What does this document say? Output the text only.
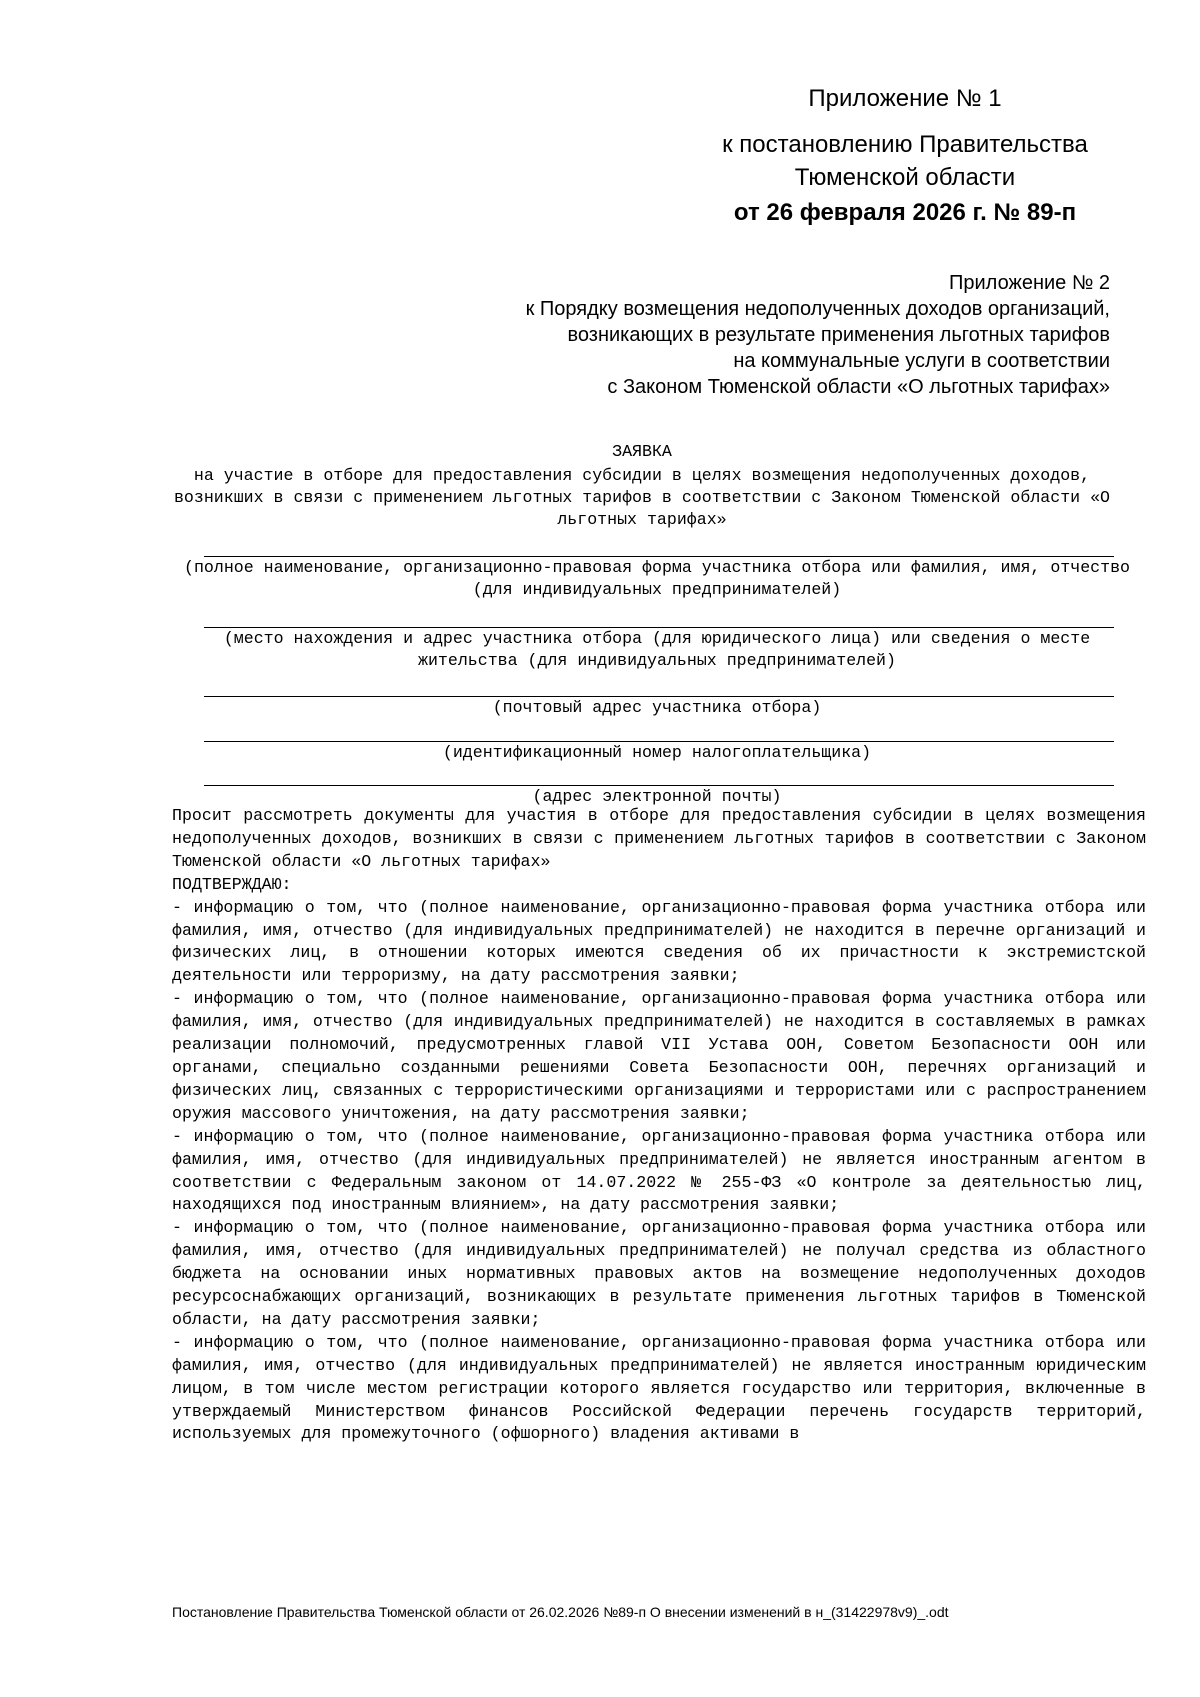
Приложение № 1
к постановлению Правительства Тюменской области
от 26 февраля 2026 г. № 89-п
Приложение № 2
к Порядку возмещения недополученных доходов организаций,
возникающих в результате применения льготных тарифов
на коммунальные услуги в соответствии
с Законом Тюменской области «О льготных тарифах»
ЗАЯВКА
на участие в отборе для предоставления субсидии в целях возмещения недополученных доходов, возникших в связи с применением льготных тарифов в соответствии с Законом Тюменской области «О льготных тарифах»
(полное наименование, организационно-правовая форма участника отбора или фамилия, имя, отчество (для индивидуальных предпринимателей)
(место нахождения и адрес участника отбора (для юридического лица) или сведения о месте жительства (для индивидуальных предпринимателей)
(почтовый адрес участника отбора)
(идентификационный номер налогоплательщика)
(адрес электронной почты)

Просит рассмотреть документы для участия в отборе для предоставления субсидии в целях возмещения недополученных доходов, возникших в связи с применением льготных тарифов в соответствии с Законом Тюменской области «О льготных тарифах»

ПОДТВЕРЖДАЮ:

- информацию о том, что (полное наименование, организационно-правовая форма участника отбора или фамилия, имя, отчество (для индивидуальных предпринимателей) не находится в перечне организаций и физических лиц, в отношении которых имеются сведения об их причастности к экстремистской деятельности или терроризму, на дату рассмотрения заявки;

- информацию о том, что (полное наименование, организационно-правовая форма участника отбора или фамилия, имя, отчество (для индивидуальных предпринимателей) не находится в составляемых в рамках реализации полномочий, предусмотренных главой VII Устава ООН, Советом Безопасности ООН или органами, специально созданными решениями Совета Безопасности ООН, перечнях организаций и физических лиц, связанных с террористическими организациями и террористами или с распространением оружия массового уничтожения, на дату рассмотрения заявки;

- информацию о том, что (полное наименование, организационно-правовая форма участника отбора или фамилия, имя, отчество (для индивидуальных предпринимателей) не является иностранным агентом в соответствии с Федеральным законом от 14.07.2022 № 255-ФЗ «О контроле за деятельностью лиц, находящихся под иностранным влиянием», на дату рассмотрения заявки;

- информацию о том, что (полное наименование, организационно-правовая форма участника отбора или фамилия, имя, отчество (для индивидуальных предпринимателей) не получал средства из областного бюджета на основании иных нормативных правовых актов на возмещение недополученных доходов ресурсоснабжающих организаций, возникающих в результате применения льготных тарифов в Тюменской области, на дату рассмотрения заявки;

- информацию о том, что (полное наименование, организационно-правовая форма участника отбора или фамилия, имя, отчество (для индивидуальных предпринимателей) не является иностранным юридическим лицом, в том числе местом регистрации которого является государство или территория, включенные в утверждаемый Министерством финансов Российской Федерации перечень государств территорий, используемых для промежуточного (офшорного) владения активами в

Постановление Правительства Тюменской области от 26.02.2026 №89-п О внесении изменений в н_(31422978v9)_.odt
